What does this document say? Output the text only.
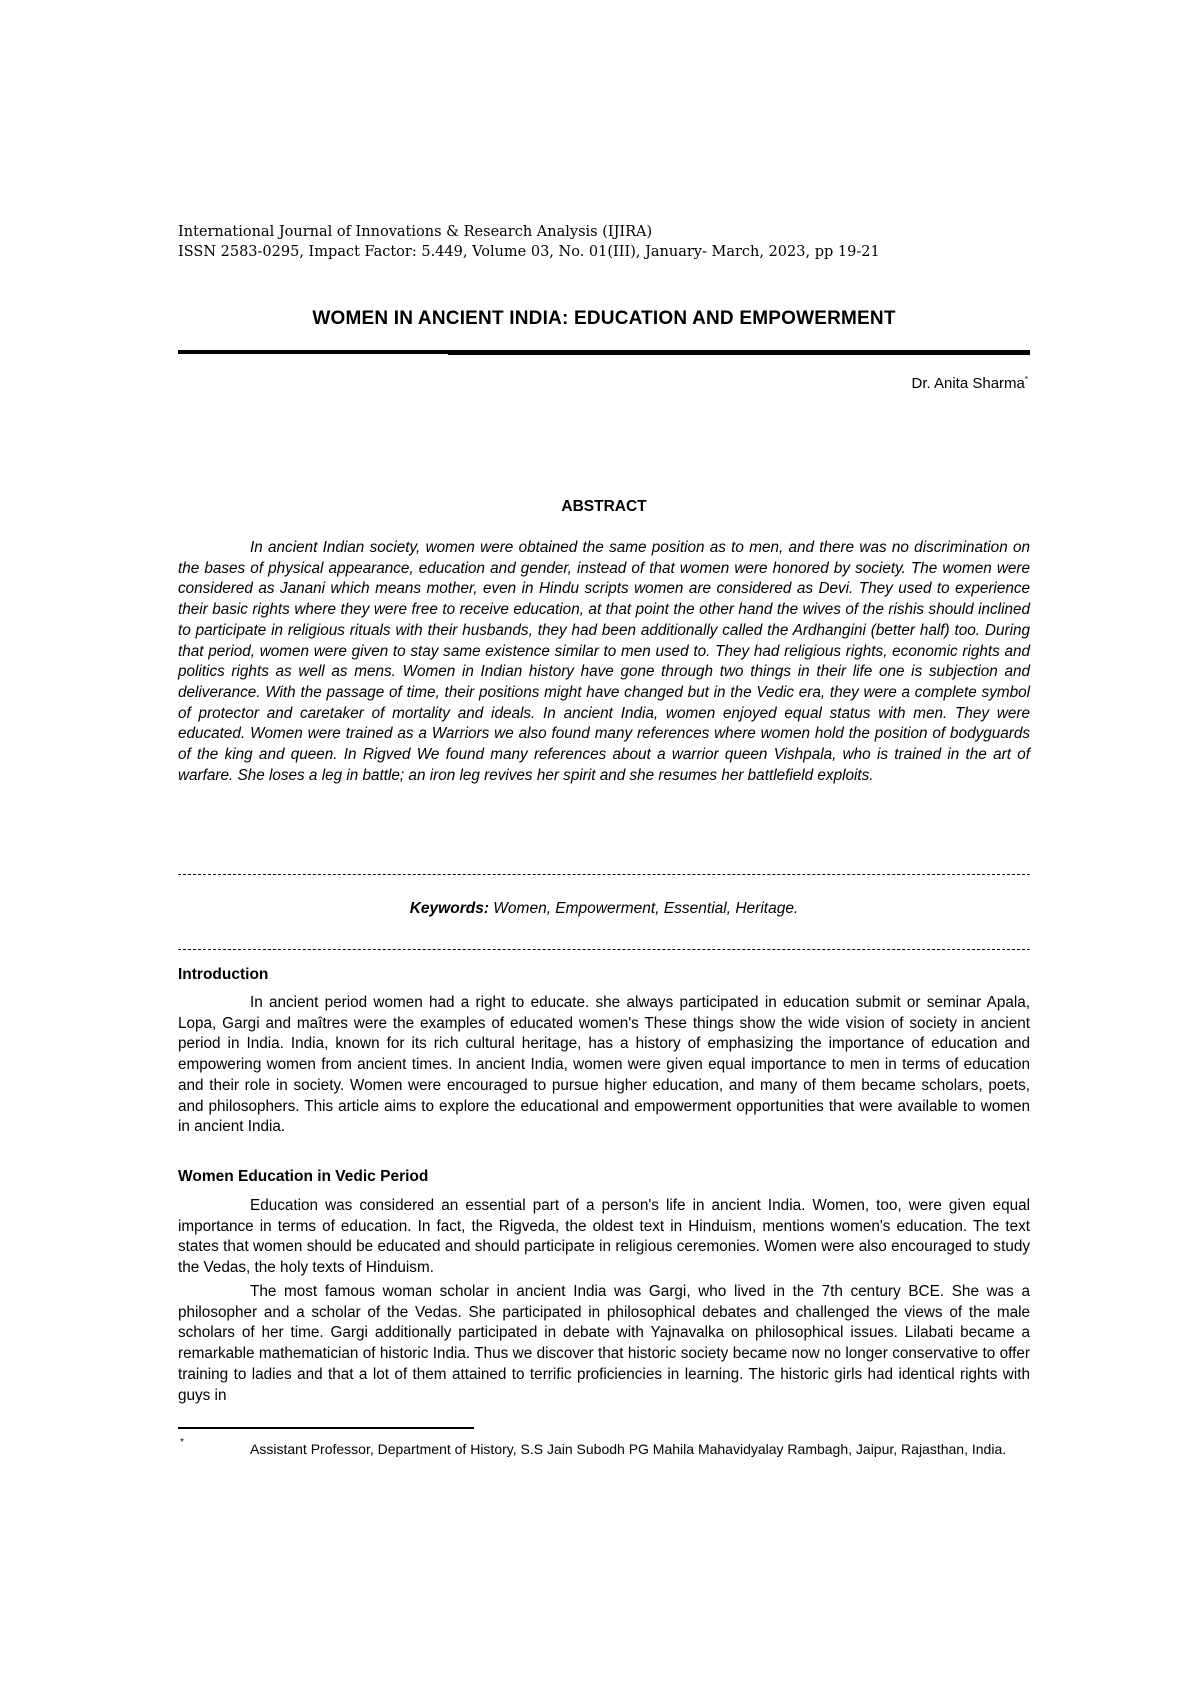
International Journal of Innovations & Research Analysis (IJIRA)
ISSN 2583-0295, Impact Factor: 5.449, Volume 03, No. 01(III), January- March, 2023, pp 19-21
WOMEN IN ANCIENT INDIA: EDUCATION AND EMPOWERMENT
Dr. Anita Sharma*
ABSTRACT

In ancient Indian society, women were obtained the same position as to men, and there was no discrimination on the bases of physical appearance, education and gender, instead of that women were honored by society. The women were considered as Janani which means mother, even in Hindu scripts women are considered as Devi. They used to experience their basic rights where they were free to receive education, at that point the other hand the wives of the rishis should inclined to participate in religious rituals with their husbands, they had been additionally called the Ardhangini (better half) too. During that period, women were given to stay same existence similar to men used to. They had religious rights, economic rights and politics rights as well as mens. Women in Indian history have gone through two things in their life one is subjection and deliverance. With the passage of time, their positions might have changed but in the Vedic era, they were a complete symbol of protector and caretaker of mortality and ideals. In ancient India, women enjoyed equal status with men. They were educated. Women were trained as a Warriors we also found many references where women hold the position of bodyguards of the king and queen. In Rigved We found many references about a warrior queen Vishpala, who is trained in the art of warfare. She loses a leg in battle; an iron leg revives her spirit and she resumes her battlefield exploits.

Keywords: Women, Empowerment, Essential, Heritage.
Introduction

In ancient period women had a right to educate. she always participated in education submit or seminar Apala, Lopa, Gargi and maîtres were the examples of educated women's These things show the wide vision of society in ancient period in India. India, known for its rich cultural heritage, has a history of emphasizing the importance of education and empowering women from ancient times. In ancient India, women were given equal importance to men in terms of education and their role in society. Women were encouraged to pursue higher education, and many of them became scholars, poets, and philosophers. This article aims to explore the educational and empowerment opportunities that were available to women in ancient India.

Women Education in Vedic Period

Education was considered an essential part of a person's life in ancient India. Women, too, were given equal importance in terms of education. In fact, the Rigveda, the oldest text in Hinduism, mentions women's education. The text states that women should be educated and should participate in religious ceremonies. Women were also encouraged to study the Vedas, the holy texts of Hinduism.

The most famous woman scholar in ancient India was Gargi, who lived in the 7th century BCE. She was a philosopher and a scholar of the Vedas. She participated in philosophical debates and challenged the views of the male scholars of her time. Gargi additionally participated in debate with Yajnavalka on philosophical issues. Lilabati became a remarkable mathematician of historic India. Thus we discover that historic society became now no longer conservative to offer training to ladies and that a lot of them attained to terrific proficiencies in learning. The historic girls had identical rights with guys in

*	Assistant Professor, Department of History, S.S Jain Subodh PG Mahila Mahavidyalay Rambagh, Jaipur, Rajasthan, India.
